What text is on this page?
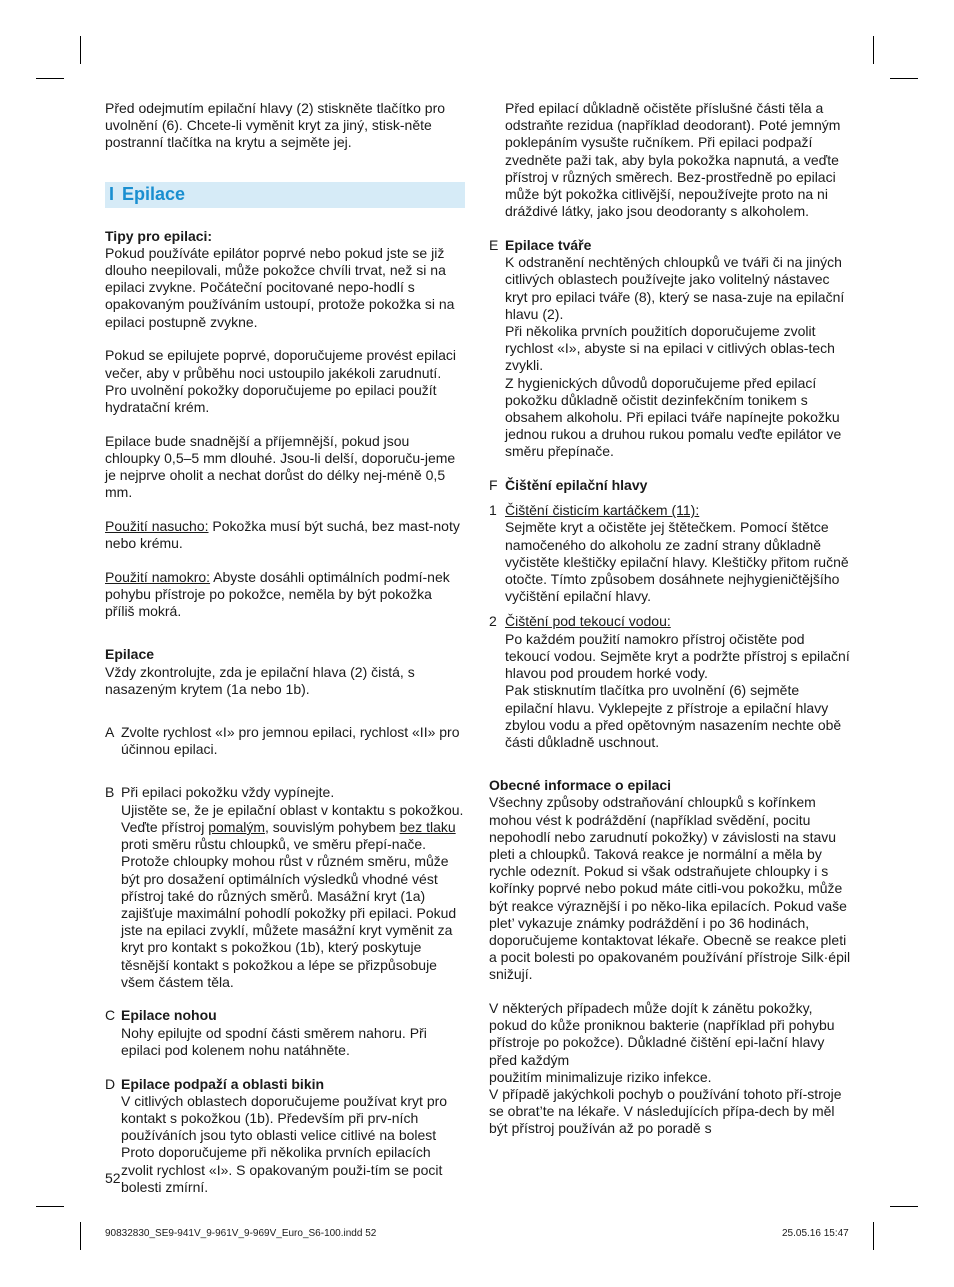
Před odejmutím epilační hlavy (2) stiskněte tlačítko pro uvolnění (6). Chcete-li vyměnit kryt za jiný, stisk-něte postranní tlačítka na krytu a sejměte jej.

I Epilace

Tipy pro epilaci:

Pokud používáte epilátor poprvé nebo pokud jste se již dlouho neepilovali, může pokožce chvíli trvat, než si na epilaci zvykne. Počáteční pocitované nepo-hodlí s opakovaným používáním ustoupí, protože pokožka si na epilaci postupně zvykne.

Pokud se epilujete poprvé, doporučujeme provést epilaci večer, aby v průběhu noci ustoupilo jakékoli zarudnutí. Pro uvolnění pokožky doporučujeme po epilaci použít hydratační krém.

Epilace bude snadnější a příjemnější, pokud jsou chloupky 0,5–5 mm dlouhé. Jsou-li delší, doporuču-jeme je nejprve oholit a nechat dorůst do délky nej-méně 0,5 mm.

Použití nasucho: Pokožka musí být suchá, bez mast-noty nebo krému.

Použití namokro: Abyste dosáhli optimálních podmí-nek pohybu přístroje po pokožce, neměla by být pokožka příliš mokrá.

Epilace

Vždy zkontrolujte, zda je epilační hlava (2) čistá, s nasazeným krytem (1a nebo 1b).

A Zvolte rychlost «I» pro jemnou epilaci, rychlost «II» pro účinnou epilaci.

B Při epilaci pokožku vždy vypínejte.

Ujistěte se, že je epilační oblast v kontaktu s pokožkou.

Veďte přístroj pomalým, souvislým pohybem bez tlaku proti směru růstu chloupků, ve směru přepí-nače. Protože chloupky mohou růst v různém směru, může být pro dosažení optimálních výsledků vhodné vést přístroj také do různých směrů. Masážní kryt (1a) zajišťuje maximální pohodlí pokožky při epilaci. Pokud jste na epilaci zvyklí, můžete masážní kryt vyměnit za kryt pro kontakt s pokožkou (1b), který poskytuje těsnější kontakt s pokožkou a lépe se přizpůsobuje všem částem těla.

C Epilace nohou

Nohy epilujte od spodní části směrem nahoru. Při epilaci pod kolenem nohu natáhněte.

D Epilace podpaží a oblasti bikin

V citlivých oblastech doporučujeme používat kryt pro kontakt s pokožkou (1b). Především při prv-ních používáních jsou tyto oblasti velice citlivé na bolest Proto doporučujeme při několika prvních epilacích zvolit rychlost «I». S opakovaným použi-tím se pocit bolesti zmírní.

Před epilací důkladně očistěte příslušné části těla a odstraňte rezidua (například deodorant). Poté jemným poklepáním vysušte ručníkem. Při epilaci podpaží zvedněte paži tak, aby byla pokožka napnutá, a veďte přístroj v různých směrech. Bez-prostředně po epilaci může být pokožka citlivější, nepoužívejte proto na ni dráždivé látky, jako jsou deodoranty s alkoholem.

E Epilace tváře

K odstranění nechtěných chloupků ve tváři či na jiných citlivých oblastech používejte jako volitelný nástavec kryt pro epilaci tváře (8), který se nasa-zuje na epilační hlavu (2).

Při několika prvních použitích doporučujeme zvolit rychlost «I», abyste si na epilaci v citlivých oblas-tech zvykli.

Z hygienických důvodů doporučujeme před epilací pokožku důkladně očistit dezinfekčním tonikem s obsahem alkoholu. Při epilaci tváře napínejte pokožku jednou rukou a druhou rukou pomalu veďte epilátor ve směru přepínače.

F Čištění epilační hlavy

1 Čištění čisticím kartáčkem (11):

Sejměte kryt a očistěte jej štětečkem. Pomocí štětce namočeného do alkoholu ze zadní strany důkladně vyčistěte kleštičky epilační hlavy. Kleštičky přitom ručně otočte. Tímto způsobem dosáhnete nejhygieničtějšího vyčištění epilační hlavy.

2 Čištění pod tekoucí vodou:

Po každém použití namokro přístroj očistěte pod tekoucí vodou. Sejměte kryt a podržte přístroj s epilační hlavou pod proudem horké vody.

Pak stisknutím tlačítka pro uvolnění (6) sejměte epilační hlavu. Vyklepejte z přístroje a epilační hlavy zbylou vodu a před opětovným nasazením nechte obě části důkladně uschnout.

Obecné informace o epilaci

Všechny způsoby odstraňování chloupků s kořínkem mohou vést k podráždění (například svědění, pocitu nepohodlí nebo zarudnutí pokožky) v závislosti na stavu pleti a chloupků. Taková reakce je normální a měla by rychle odeznít. Pokud si však odstraňujete chloupky i s kořínky poprvé nebo pokud máte citli-vou pokožku, může být reakce výraznější i po něko-lika epilacích. Pokud vaše plet’ vykazuje známky podráždění i po 36 hodinách, doporučujeme kontaktovat lékaře. Obecně se reakce pleti a pocit bolesti po opakovaném používání přístroje Silk·épil snižují.

V některých případech může dojít k zánětu pokožky, pokud do kůže proniknou bakterie (například při pohybu přístroje po pokožce). Důkladné čištění epi-lační hlavy před každým

použitím minimalizuje riziko infekce.

V případě jakýchkoli pochyb o používání tohoto pří-stroje se obrat’te na lékaře. V následujících přípa-dech by měl být přístroj používán až po poradě s

52
90832830_SE9-941V_9-961V_9-969V_Euro_S6-100.indd 52	25.05.16 15:47
